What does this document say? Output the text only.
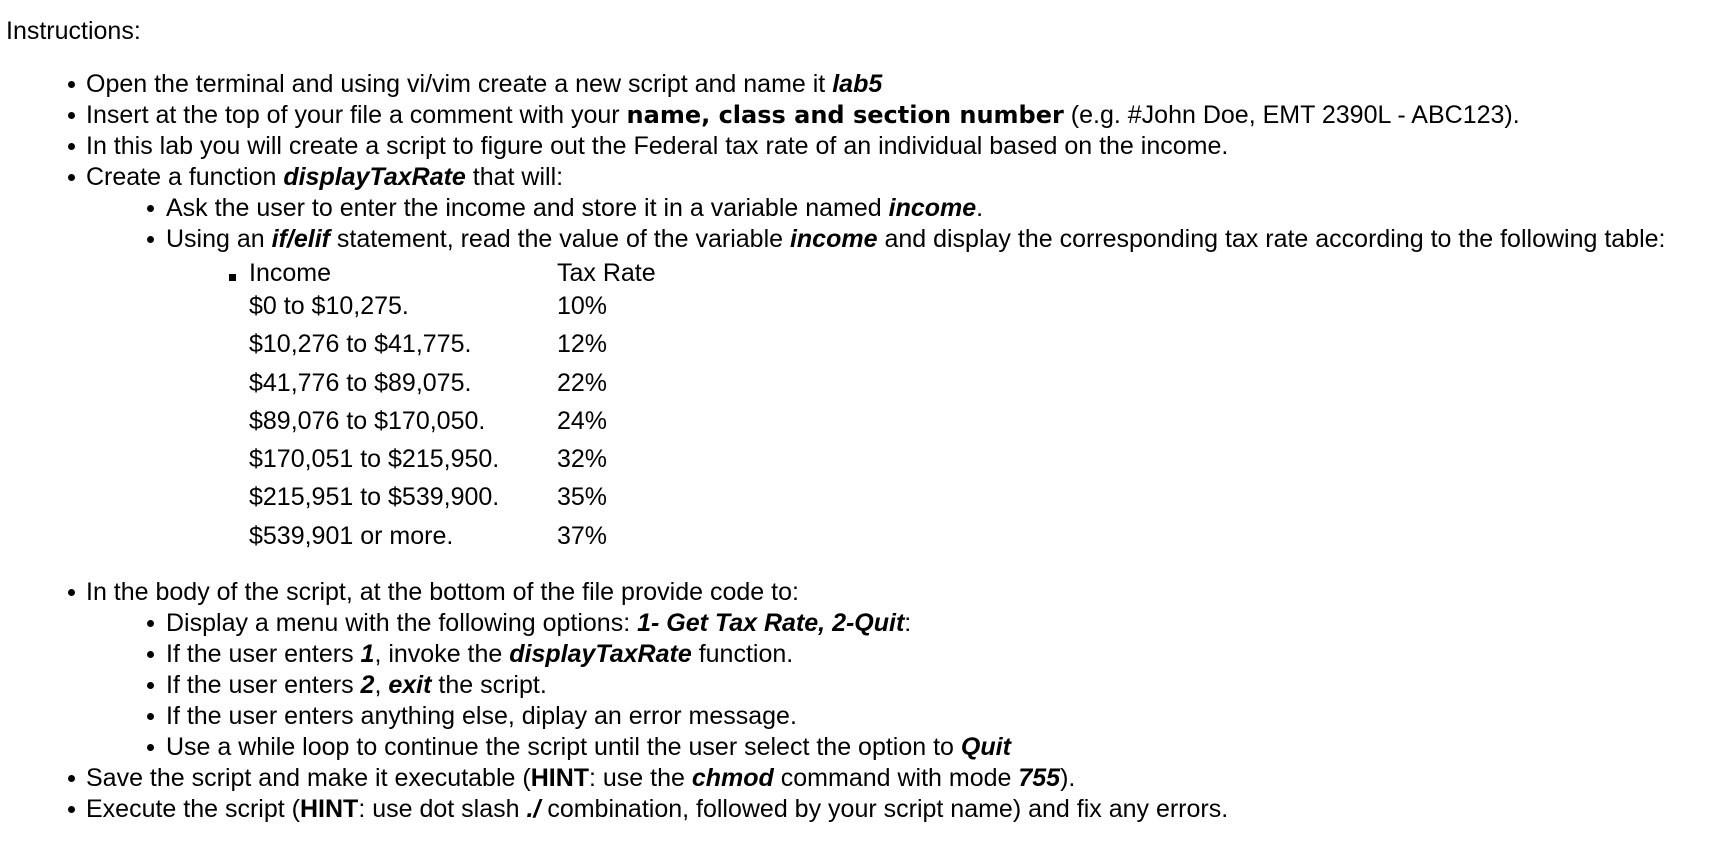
Instructions:
Open the terminal and using vi/vim create a new script and name it lab5
Insert at the top of your file a comment with your name, class and section number (e.g. #John Doe, EMT 2390L - ABC123).
In this lab you will create a script to figure out the Federal tax rate of an individual based on the income.
Create a function displayTaxRate that will:
Ask the user to enter the income and store it in a variable named income.
Using an if/elif statement, read the value of the variable income and display the corresponding tax rate according to the following table:
Income	Tax Rate
$0 to $10,275.	10%
$10,276 to $41,775.	12%
$41,776 to $89,075.	22%
$89,076 to $170,050.	24%
$170,051 to $215,950.	32%
$215,951 to $539,900.	35%
$539,901 or more.	37%
In the body of the script, at the bottom of the file provide code to:
Display a menu with the following options: 1- Get Tax Rate, 2-Quit:
If the user enters 1, invoke the displayTaxRate function.
If the user enters 2, exit the script.
If the user enters anything else, diplay an error message.
Use a while loop to continue the script until the user select the option to Quit
Save the script and make it executable (HINT: use the chmod command with mode 755).
Execute the script (HINT: use dot slash ./ combination, followed by your script name) and fix any errors.
